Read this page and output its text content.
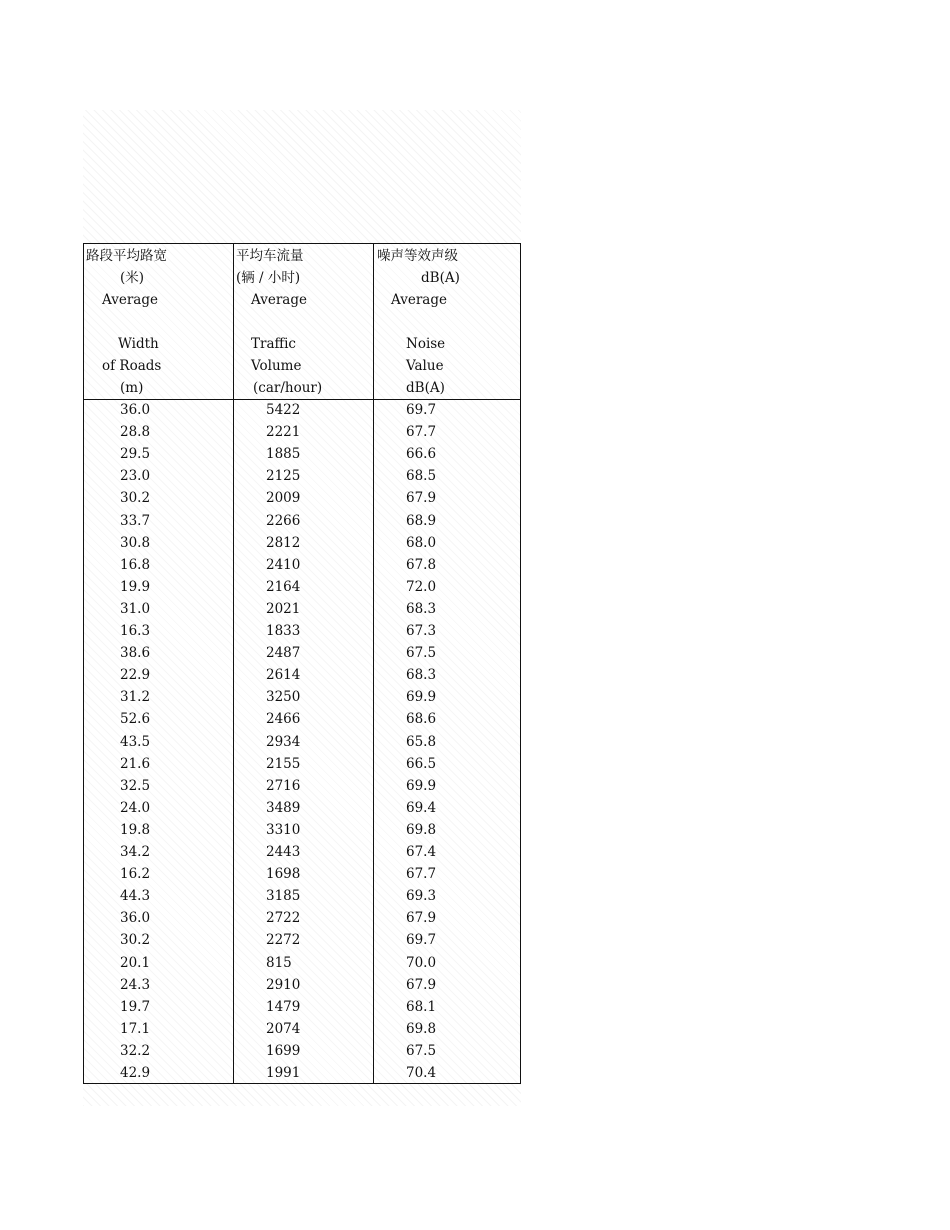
路段平均路宽
(米)
Average
Width
of Roads
(m)
36.0
28.8
29.5
23.0
30.2
33.7
30.8
16.8
19.9
31.0
16.3
38.6
22.9
31.2
52.6
43.5
21.6
32.5
24.0
19.8
34.2
16.2
44.3
36.0
30.2
20.1
24.3
19.7
17.1
32.2
42.9
平均车流量
(辆 / 小时)
Average
Traffic
Volume
(car/hour)
5422
2221
1885
2125
2009
2266
2812
2410
2164
2021
1833
2487
2614
3250
2466
2934
2155
2716
3489
3310
2443
1698
3185
2722
2272
815
2910
1479
2074
1699
1991
噪声等效声级
dB(A)
Average
Noise
Value
dB(A)
69.7
67.7
66.6
68.5
67.9
68.9
68.0
67.8
72.0
68.3
67.3
67.5
68.3
69.9
68.6
65.8
66.5
69.9
69.4
69.8
67.4
67.7
69.3
67.9
69.7
70.0
67.9
68.1
69.8
67.5
70.4
